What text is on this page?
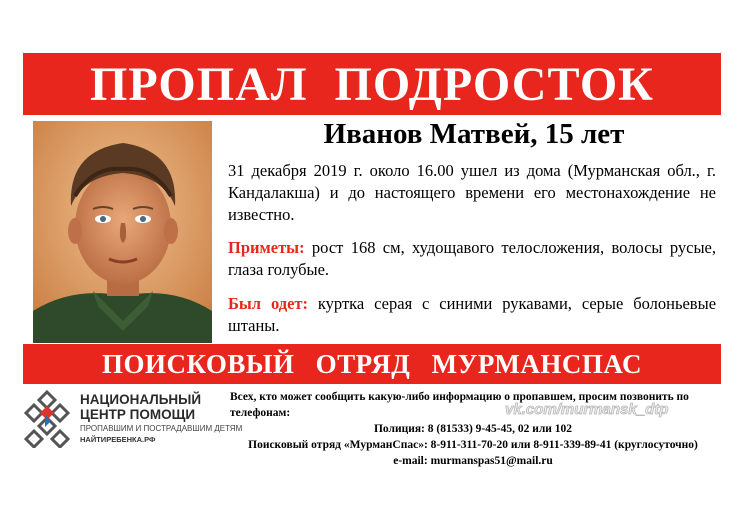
ПРОПАЛ ПОДРОСТОК
Иванов Матвей, 15 лет
31 декабря 2019 г. около 16.00 ушел из дома (Мурманская обл., г. Кандалакша) и до настоящего времени его местонахождение не известно.
Приметы: рост 168 см, худощавого телосложения, волосы русые, глаза голубые.
Был одет: куртка серая с синими рукавами, серые болоньевые штаны.
ПОИСКОВЫЙ ОТРЯД МУРМАНСПАС
НАЦИОНАЛЬНЫЙ
ЦЕНТР ПОМОЩИ
ПРОПАВШИМ И ПОСТРАДАВШИМ ДЕТЯМ
НАЙТИРЕБЕНКА.РФ
Всех, кто может сообщить какую-либо информацию о пропавшем, просим позвонить по телефонам:
Полиция: 8 (81533) 9-45-45, 02 или 102
Поисковый отряд «МурманСпас»: 8-911-311-70-20 или 8-911-339-89-41 (круглосуточно)
e-mail: murmanspas51@mail.ru
vk.com/murmansk_dtp
